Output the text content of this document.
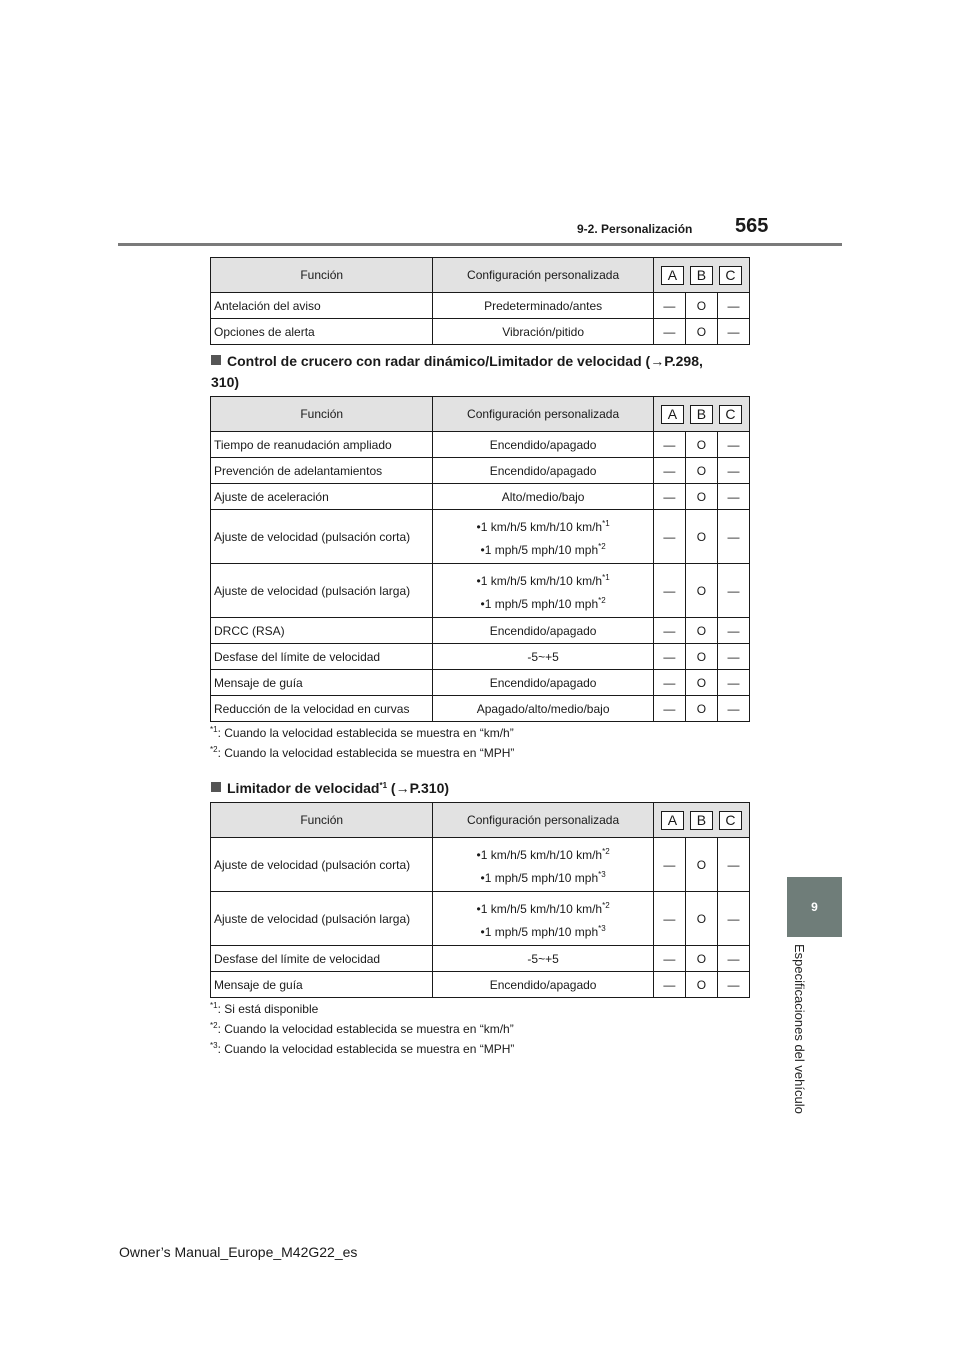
9-2. Personalización 565
9
Especificaciones del vehículo
Función	Configuración personalizada	A B C		

Antelación del aviso	Predeterminado/antes	—	O	—
Opciones de alerta	Vibración/pitido	—	O	—
Control de crucero con radar dinámico/Limitador de velocidad (→P.298,
310)
Función	Configuración personalizada	A B C		

Tiempo de reanudación ampliado	Encendido/apagado	—	O	—
Prevención de adelantamientos	Encendido/apagado	—	O	—
Ajuste de aceleración	Alto/medio/bajo	—	O	—
Ajuste de velocidad (pulsación corta)	•1 km/h/5 km/h/10 $km/h^{*1}$
•1 mph/5 mph/10 mph$^{*2}$	—	O	—
Ajuste de velocidad (pulsación larga)	•1 km/h/5 km/h/10 $km/h^{*1}$
•1 mph/5 mph/10 mph$^{*2}$	—	O	—
DRCC (RSA)	Encendido/apagado	—	O	—
Desfase del límite de velocidad	-5~+5	—	O	—
Mensaje de guía	Encendido/apagado	—	O	—
Reducción de la velocidad en curvas	Apagado/alto/medio/bajo	—	O	—
$^{*1}$: Cuando la velocidad establecida se muestra en “km/h”
$^{*2}$: Cuando la velocidad establecida se muestra en “MPH”
Limitador de velocidad$^{*1}$ (→P.310)
Función	Configuración personalizada	A B C		

Ajuste de velocidad (pulsación corta)	•1 km/h/5 km/h/10 $km/h^{*2}$
•1 mph/5 mph/10 mph$^{*3}$	—	O	—
Ajuste de velocidad (pulsación larga)	•1 km/h/5 km/h/10 $km/h^{*2}$
•1 mph/5 mph/10 mph$^{*3}$	—	O	—
Desfase del límite de velocidad	-5~+5	—	O	—
Mensaje de guía	Encendido/apagado	—	O	—
$^{*1}$: Si está disponible
$^{*2}$: Cuando la velocidad establecida se muestra en “km/h”
$^{*3}$: Cuando la velocidad establecida se muestra en “MPH”
Owner’s Manual_Europe_M42G22_es
